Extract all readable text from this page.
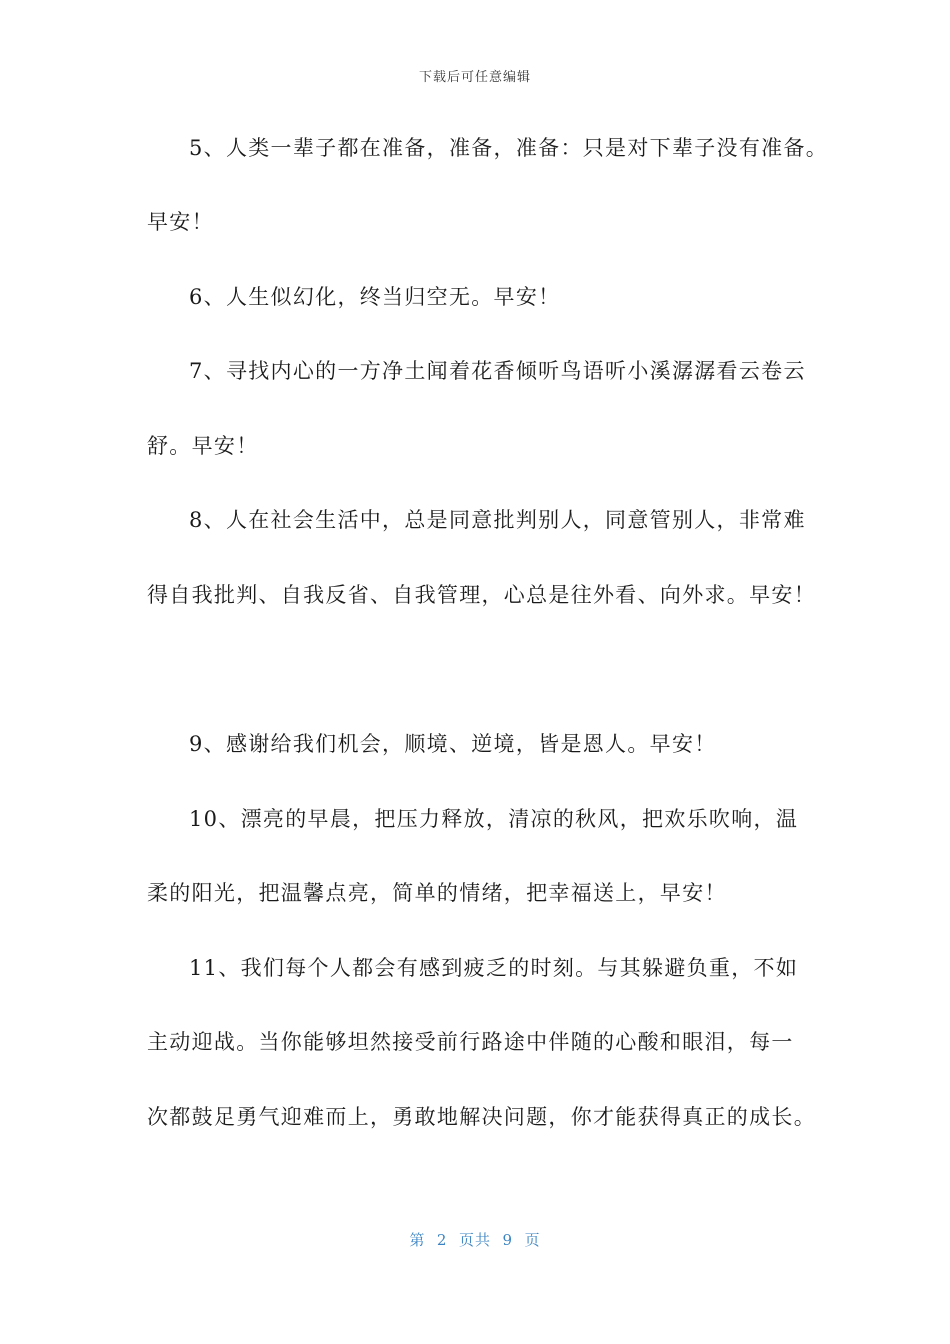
下载后可任意编辑
5、人类一辈子都在准备，准备，准备：只是对下辈子没有准备。
早安！
6、人生似幻化，终当归空无。早安！
7、寻找内心的一方净土闻着花香倾听鸟语听小溪潺潺看云卷云
舒。早安！
8、人在社会生活中，总是同意批判别人，同意管别人，非常难
得自我批判、自我反省、自我管理，心总是往外看、向外求。早安！
9、感谢给我们机会，顺境、逆境，皆是恩人。早安！
10、漂亮的早晨，把压力释放，清凉的秋风，把欢乐吹响，温
柔的阳光，把温馨点亮，简单的情绪，把幸福送上，早安！
11、我们每个人都会有感到疲乏的时刻。与其躲避负重，不如
主动迎战。当你能够坦然接受前行路途中伴随的心酸和眼泪，每一
次都鼓足勇气迎难而上，勇敢地解决问题，你才能获得真正的成长。
第  2  页共  9  页
